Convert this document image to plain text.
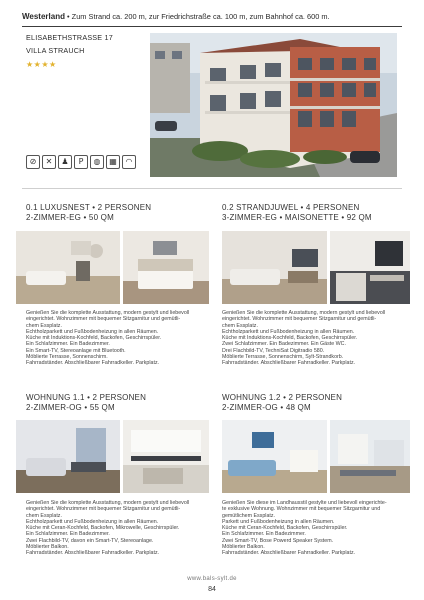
Westerland • Zum Strand ca. 200 m, zur Friedrichstraße ca. 100 m, zum Bahnhof ca. 600 m.
ELISABETHSTRASSE 17
VILLA STRAUCH
★★★★
⊘	✕	♟	P	◍	▦	◠
0.1 LUXUSNEST • 2 PERSONEN
2-ZIMMER-EG • 50 QM

Genießen Sie die komplette Ausstattung, modern gestylt und liebevoll

eingerichtet. Wohnzimmer mit bequemer Sitzgarnitur und gemütli-

chem Essplatz.

Echtholzparkett und Fußbodenheizung in allen Räumen.

Küche mit Induktions-Kochfeld, Backofen, Geschirrspüler.

Ein Schlafzimmer. Ein Badezimmer.

Ein Smart-TV, Stereoanlage mit Bluetooth.

Möblierte Terrasse, Sonnenschirm.

Fahrradständer. Abschließbarer Fahrradkeller. Parkplatz.

0.2 STRANDJUWEL • 4 PERSONEN
3-ZIMMER-EG • MAISONETTE • 92 QM

Genießen Sie die komplette Ausstattung, modern gestylt und liebevoll

eingerichtet. Wohnzimmer mit bequemer Sitzgarnitur und gemütli-

chem Essplatz.

Echtholzparkett und Fußbodenheizung in allen Räumen.

Küche mit Induktions-Kochfeld, Backofen, Geschirrspüler.

Zwei Schlafzimmer. Ein Badezimmer. Ein Gäste WC.

Drei Flachbild-TV, TechniSat Digitradio 580.

Möblierte Terrasse, Sonnenschirm, Sylt-Strandkorb.

Fahrradständer. Abschließbarer Fahrradkeller. Parkplatz.

WOHNUNG 1.1 • 2 PERSONEN
2-ZIMMER-OG • 55 QM

Genießen Sie die komplette Ausstattung, modern gestylt und liebevoll

eingerichtet. Wohnzimmer mit bequemer Sitzgarnitur und gemütli-

chem Essplatz.

Echtholzparkett und Fußbodenheizung in allen Räumen.

Küche mit Ceran-Kochfeld, Backofen, Mikrowelle, Geschirrspüler.

Ein Schlafzimmer. Ein Badezimmer.

Zwei Flachbild-TV, davon ein Smart-TV, Stereoanlage.

Möblierter Balkon.

Fahrradständer. Abschließbarer Fahrradkeller. Parkplatz.

WOHNUNG 1.2 • 2 PERSONEN
2-ZIMMER-OG • 48 QM

Genießen Sie diese im Landhausstil gestylte und liebevoll eingerichte-

te exklusive Wohnung. Wohnzimmer mit bequemer Sitzgarnitur und

gemütlichem Essplatz.

Parkett und Fußbodenheizung in allen Räumen.

Küche mit Ceran-Kochfeld, Backofen, Geschirrspüler.

Ein Schlafzimmer. Ein Badezimmer.

Zwei Smart-TV, Bose Powerd Speaker System.

Möblierter Balkon.

Fahrradständer. Abschließbarer Fahrradkeller. Parkplatz.

www.bals-sylt.de
84
